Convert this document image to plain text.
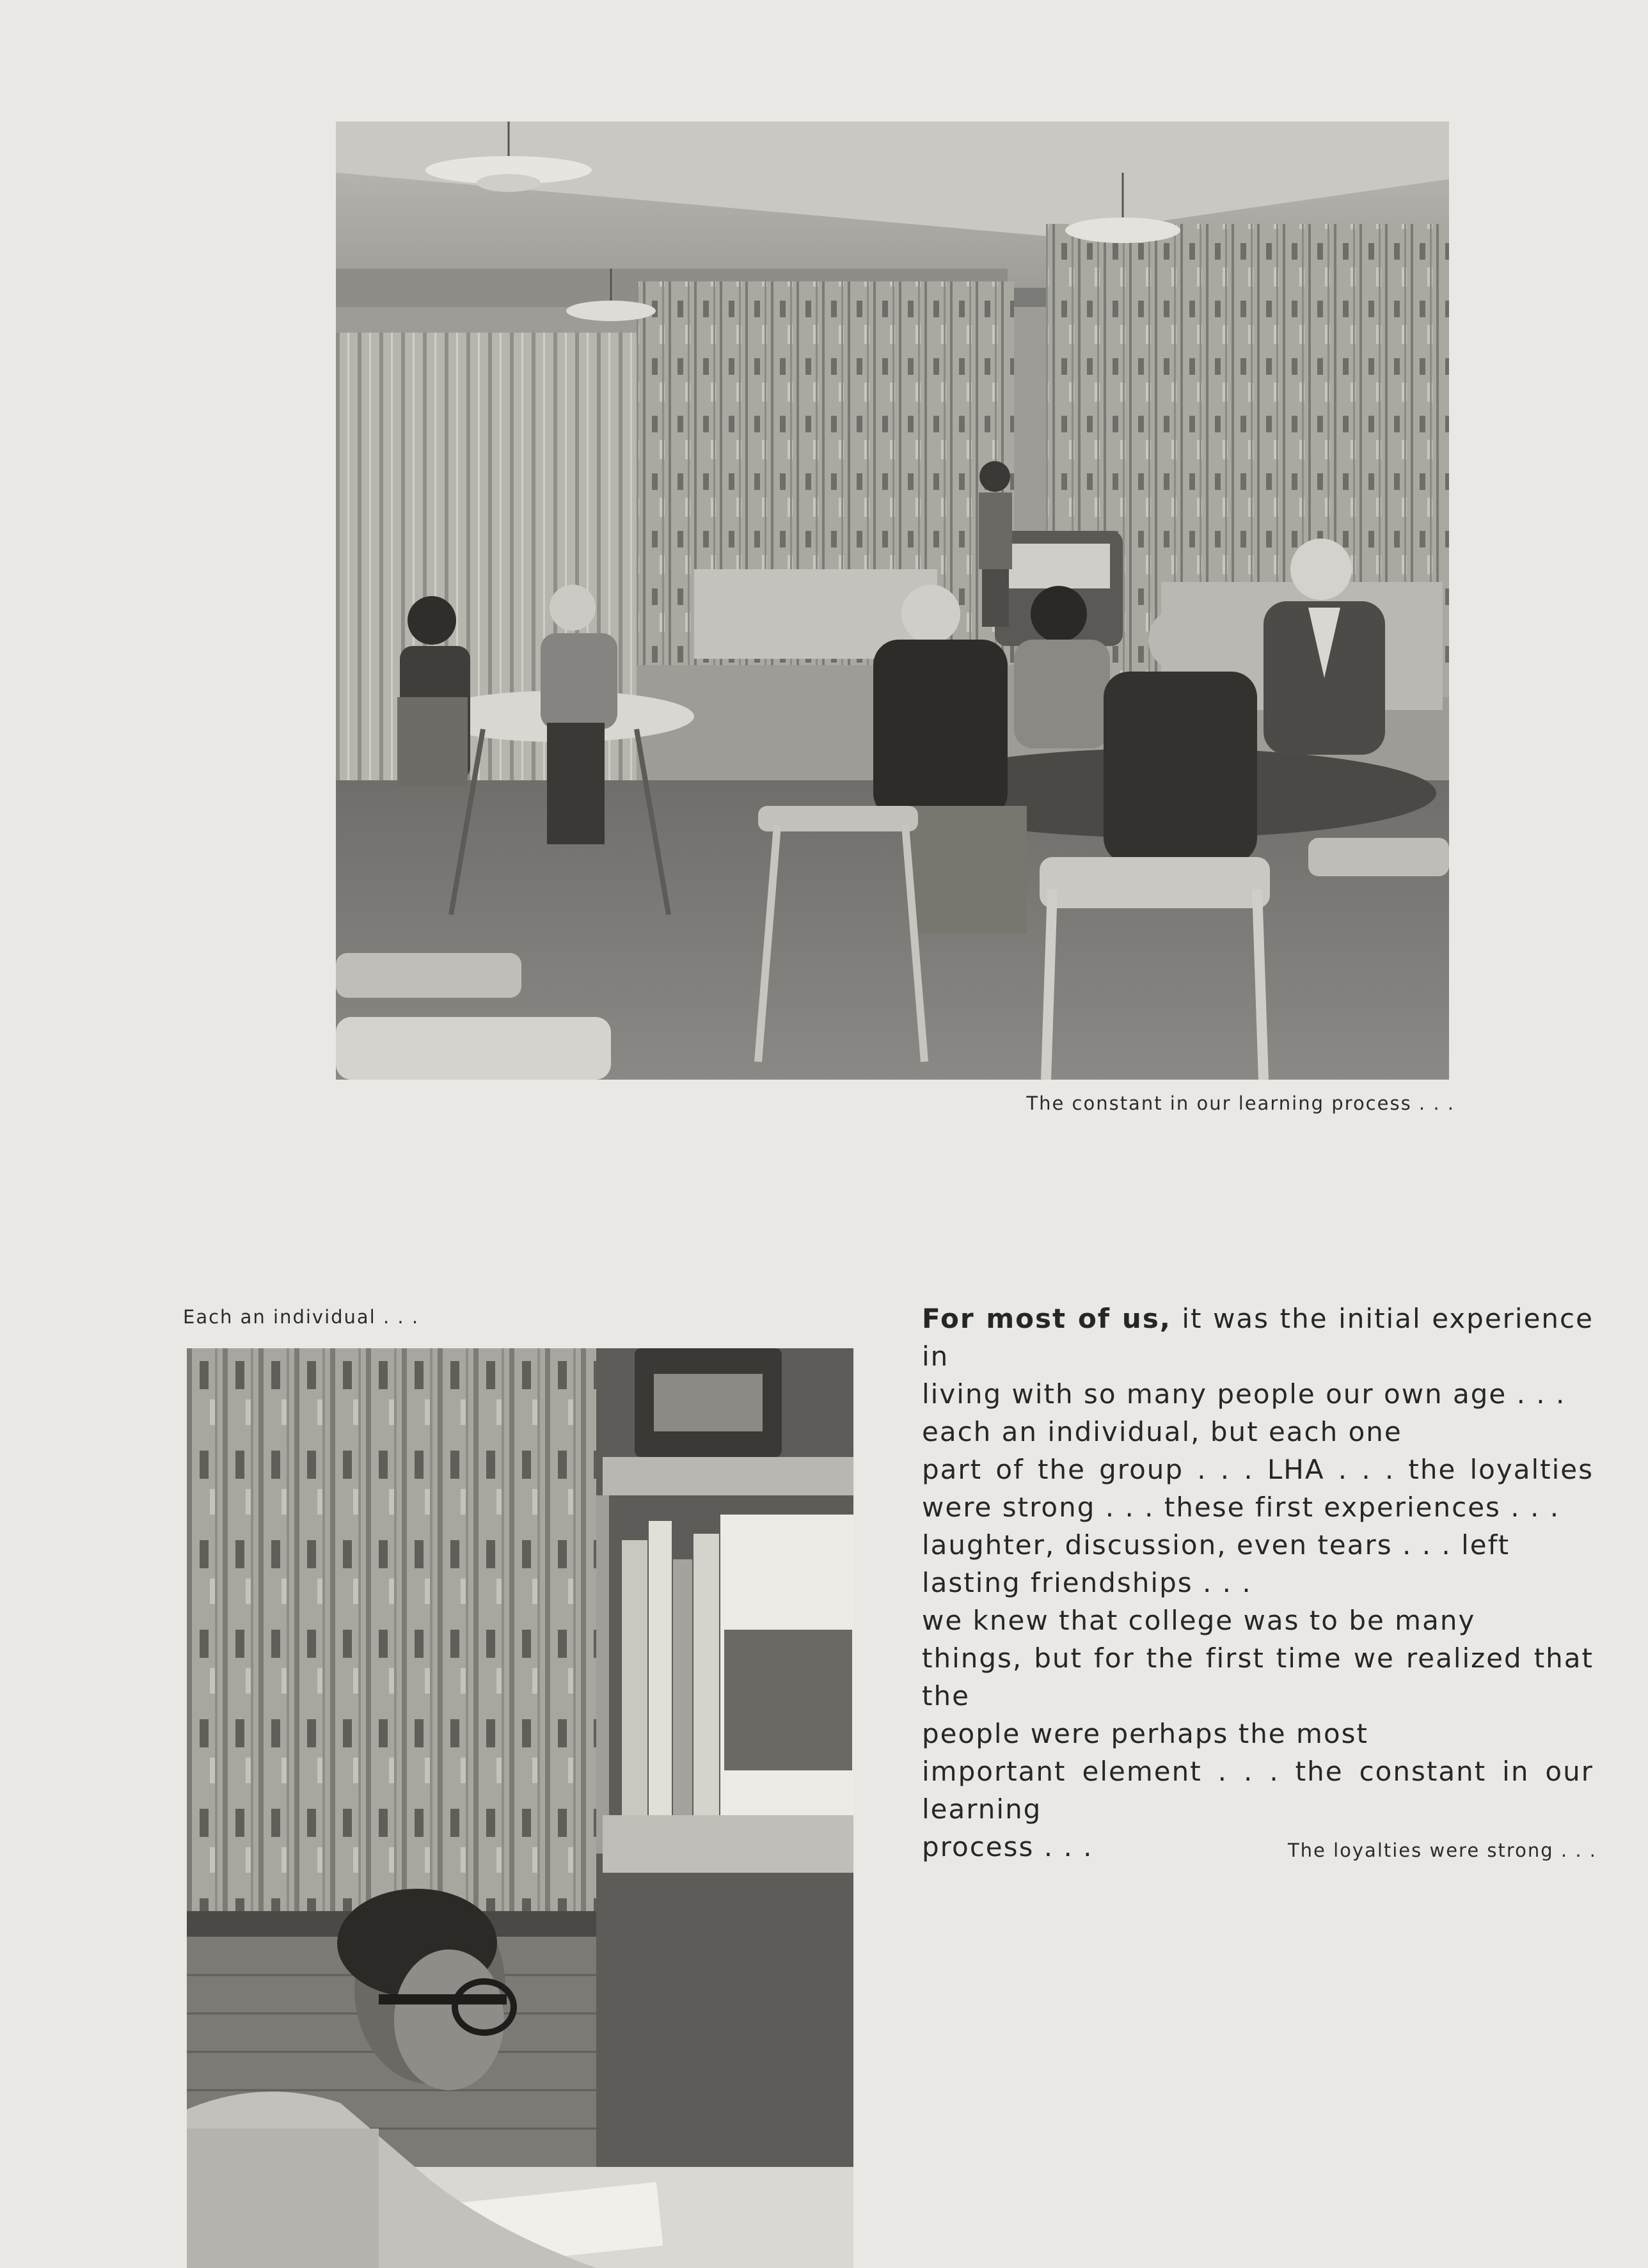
The constant in our learning process . . .
Each an individual . . .	For most of us, it was the initial experience in
living with so many people our own age . . .
each an individual, but each one
part of the group . . . LHA . . . the loyalties
were strong . . . these first experiences . . .
laughter, discussion, even tears . . . left
lasting friendships . . .
we knew that college was to be many
things, but for the first time we realized that the
people were perhaps the most
important element . . . the constant in our learning
process . . .	The loyalties were strong . . .
